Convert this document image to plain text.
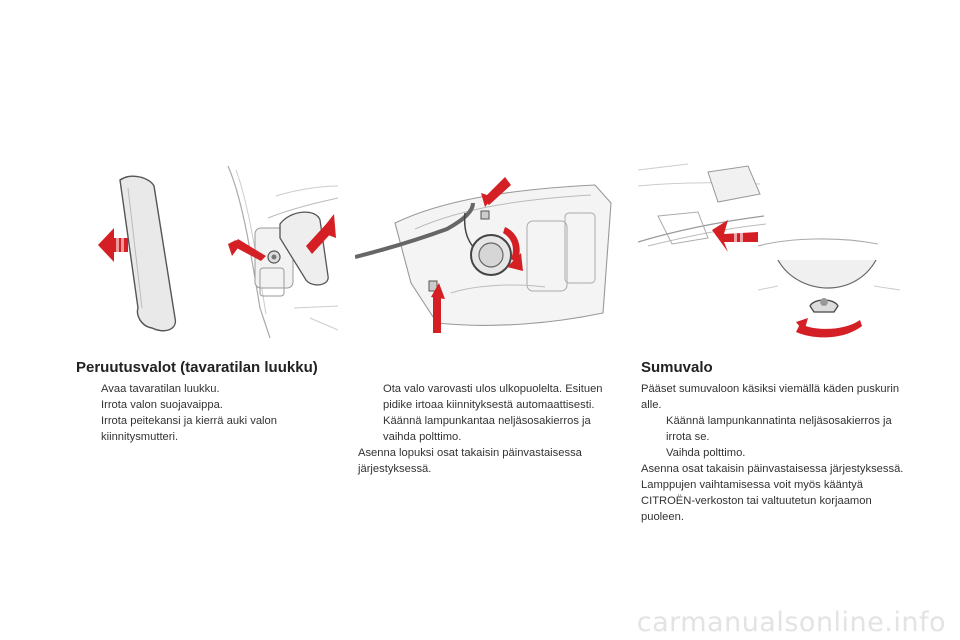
Peruutusvalot (tavaratilan luukku)	Sumuvalo
Avaa tavaratilan luukku.
Irrota valon suojavaippa.
Irrota peitekansi ja kierrä auki valon kiinnitysmutteri.
Ota valo varovasti ulos ulkopuolelta. Esituen pidike irtoaa kiinnityksestä automaattisesti.
Käännä lampunkantaa neljäsosakierros ja vaihda polttimo.

Asenna lopuksi osat takaisin päinvastaisessa järjestyksessä.

Pääset sumuvaloon käsiksi viemällä käden puskurin alle.

Käännä lampunkannatinta neljäsosakierros ja irrota se.
Vaihda polttimo.

Asenna osat takaisin päinvastaisessa järjestyksessä.

Lamppujen vaihtamisessa voit myös kääntyä CITROËN-verkoston tai valtuutetun korjaamon puoleen.

carmanualsonline.info
